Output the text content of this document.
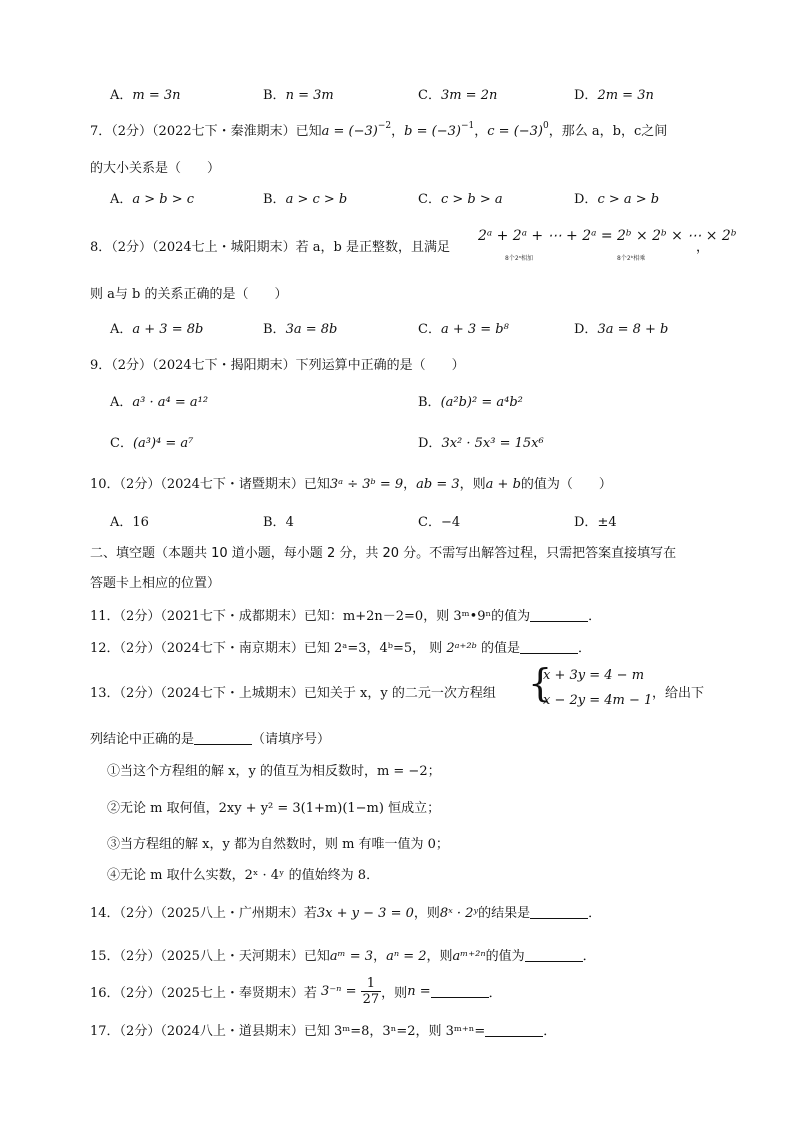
A．m = 3n	B．n = 3m	C．3m = 2n	D．2m = 3n
7．（2分）（2022七下・秦淮期末）已知$a = (-3)^{-2}$，$b = (-3)^{-1}$，$c = (-3)^0$，那么 a，b，c之间
的大小关系是（　　）
A．a > b > c	B．a > c > b	C．c > b > a	D．c > a > b
8．（2分）（2024七上・城阳期末）若 a，b 是正整数，且满足
2ᵃ + 2ᵃ + ⋯ + 2ᵃ = 2ᵇ × 2ᵇ × ⋯ × 2ᵇ
，
8个2ᵃ相加	8个2ᵇ相乘
则 a与 b 的关系正确的是（　　）
A．a + 3 = 8b	B．3a = 8b	C．a + 3 = b⁸	D．3a = 8 + b
9．（2分）（2024七下・揭阳期末）下列运算中正确的是（　　）
A．a³ · a⁴ = a¹²	B．(a²b)² = a⁴b²
C．(a³)⁴ = a⁷	D．3x² · 5x³ = 15x⁶
10．（2分）（2024七下・诸暨期末）已知3ᵃ ÷ 3ᵇ = 9，ab = 3，则a + b的值为（　　）
A．16	B．4	C．−4	D．±4
二、填空题（本题共 10 道小题，每小题 2 分，共 20 分。不需写出解答过程，只需把答案直接填写在
答题卡上相应的位置）
11．（2分）（2021七下・成都期末）已知：m+2n－2=0，则 3ᵐ•9ⁿ的值为	．
12．（2分）（2024七下・南京期末）已知 2ᵃ=3，4ᵇ=5， 则 2ᵃ⁺²ᵇ 的值是	．
13．（2分）（2024七下・上城期末）已知关于 x，y 的二元一次方程组 {
x + 3y = 4 − m
x − 2y = 4m − 1 ，给出下
列结论中正确的是	（请填序号）
①当这个方程组的解 x，y 的值互为相反数时，m = −2；
②无论 m 取何值，2xy + y² = 3(1+m)(1−m) 恒成立；
③当方程组的解 x，y 都为自然数时，则 m 有唯一值为 0；
④无论 m 取什么实数，2ˣ · 4ʸ 的值始终为 8．
14．（2分）（2025八上・广州期末）若3x + y − 3 = 0，则8ˣ · 2ʸ的结果是	．
15．（2分）（2025八上・天河期末）已知aᵐ = 3，aⁿ = 2，则aᵐ⁺²ⁿ的值为	．
16．（2分）（2025七上・奉贤期末）若 $3^{-n} = \frac{1}{27}$ ，则n =	．
17．（2分）（2024八上・道县期末）已知 3ᵐ=8，3ⁿ=2，则 3ᵐ⁺ⁿ=	．
